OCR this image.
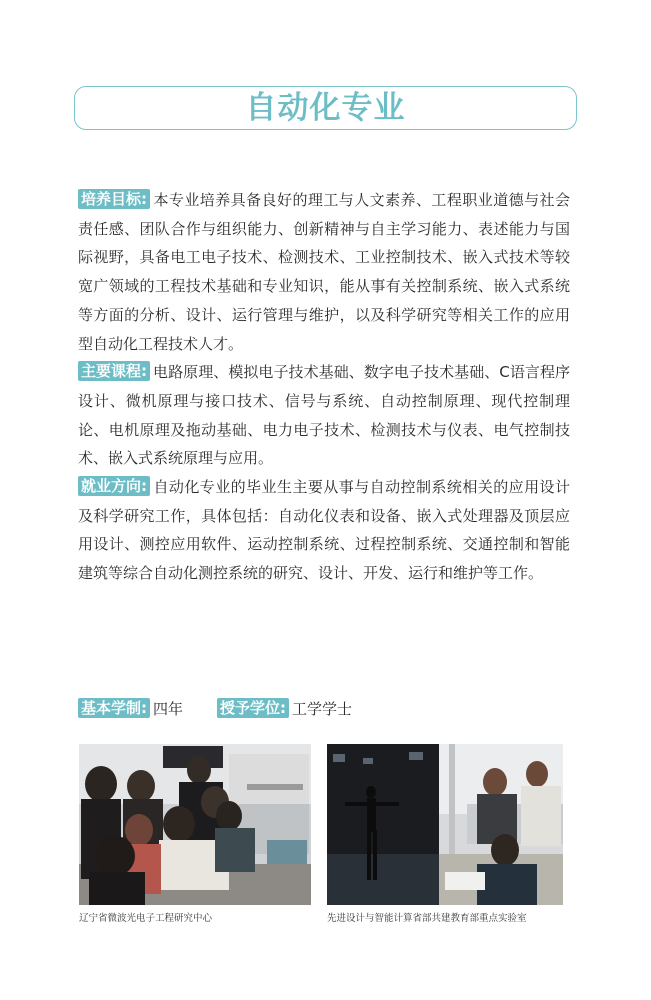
自动化专业

培养目标: 本专业培养具备良好的理工与人文素养、工程职业道德与社会责任感、团队合作与组织能力、创新精神与自主学习能力、表述能力与国际视野，具备电工电子技术、检测技术、工业控制技术、嵌入式技术等较宽广领域的工程技术基础和专业知识，能从事有关控制系统、嵌入式系统等方面的分析、设计、运行管理与维护，以及科学研究等相关工作的应用型自动化工程技术人才。

主要课程: 电路原理、模拟电子技术基础、数字电子技术基础、C语言程序设计、微机原理与接口技术、信号与系统、自动控制原理、现代控制理论、电机原理及拖动基础、电力电子技术、检测技术与仪表、电气控制技术、嵌入式系统原理与应用。

就业方向: 自动化专业的毕业生主要从事与自动控制系统相关的应用设计及科学研究工作，具体包括：自动化仪表和设备、嵌入式处理器及顶层应用设计、测控应用软件、运动控制系统、过程控制系统、交通控制和智能建筑等综合自动化测控系统的研究、设计、开发、运行和维护等工作。

基本学制: 四年 授予学位: 工学学士
辽宁省微波光电子工程研究中心	先进设计与智能计算省部共建教育部重点实验室
